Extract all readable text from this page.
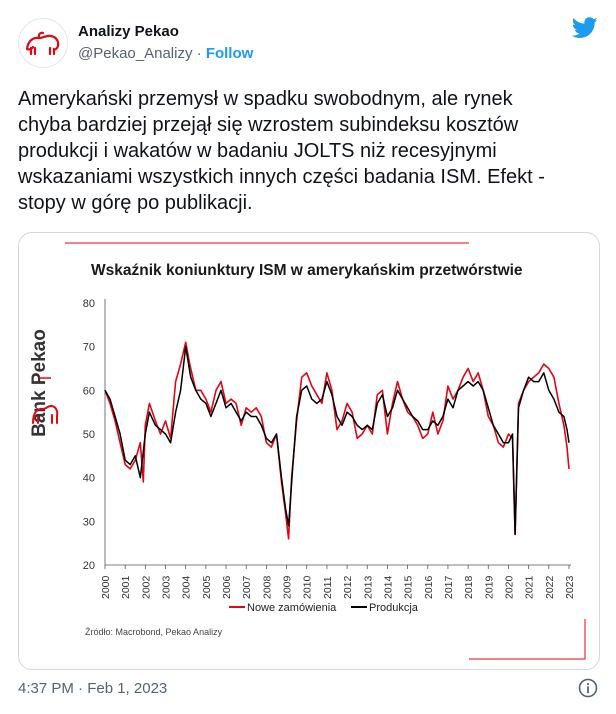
Analizy Pekao
@Pekao_Analizy · Follow
Amerykański przemysł w spadku swobodnym, ale rynek
chyba bardziej przejął się wzrostem subindeksu kosztów
produkcji i wakatów w badaniu JOLTS niż recesyjnymi
wskazaniami wszystkich innych części badania ISM. Efekt -
stopy w górę po publikacji.
Bank Pekao
Wskaźnik koniunktury ISM w amerykańskim przetwórstwie
20
30
40
50
60
70
80
2000 2001 2002 2003 2004 2005 2006 2007 2008 2009 2010 2011 2012 2013 2014 2015 2016 2017 2018 2019 2020 2021 2022 2023
Nowe zamówienia	Produkcja
Źródło: Macrobond, Pekao Analizy
4:37 PM · Feb 1, 2023
